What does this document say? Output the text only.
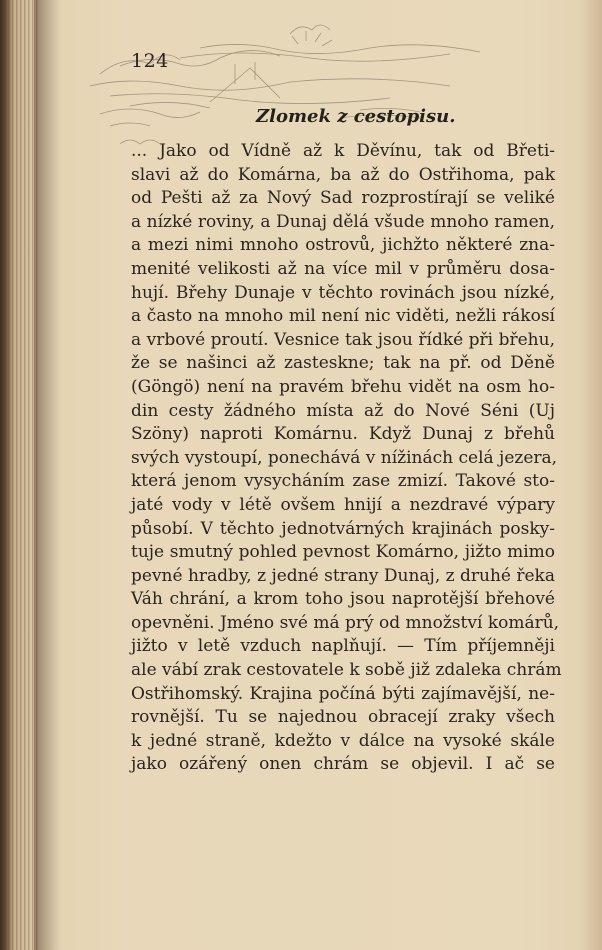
124
Zlomek z cestopisu.
... Jako od Vídně až k Děvínu, tak od Břeti-
slavi až do Komárna, ba až do Ostřihoma, pak
od Pešti až za Nový Sad rozprostírají se veliké
a nízké roviny, a Dunaj dělá všude mnoho ramen,
a mezi nimi mnoho ostrovů, jichžto některé zna-
menité velikosti až na více mil v průměru dosa-
hují. Břehy Dunaje v těchto rovinách jsou nízké,
a často na mnoho mil není nic viděti, nežli rákosí
a vrbové proutí. Vesnice tak jsou řídké při břehu,
že se našinci až zasteskne; tak na př. od Děně
(Göngö) není na pravém břehu vidět na osm ho-
din cesty žádného místa až do Nové Séni (Uj
Szöny) naproti Komárnu. Když Dunaj z břehů
svých vystoupí, ponechává v nížinách celá jezera,
která jenom vysycháním zase zmizí. Takové sto-
jaté vody v létě ovšem hnijí a nezdravé výpary
působí. V těchto jednotvárných krajinách posky-
tuje smutný pohled pevnost Komárno, jižto mimo
pevné hradby, z jedné strany Dunaj, z druhé řeka
Váh chrání, a krom toho jsou naprotější břehové
opevněni. Jméno své má prý od množství komárů,
jižto v letě vzduch naplňují. — Tím příjemněji
ale vábí zrak cestovatele k sobě již zdaleka chrám
Ostřihomský. Krajina počíná býti zajímavější, ne-
rovnější. Tu se najednou obracejí zraky všech
k jedné straně, kdežto v dálce na vysoké skále
jako ozářený onen chrám se objevil. I ač se
